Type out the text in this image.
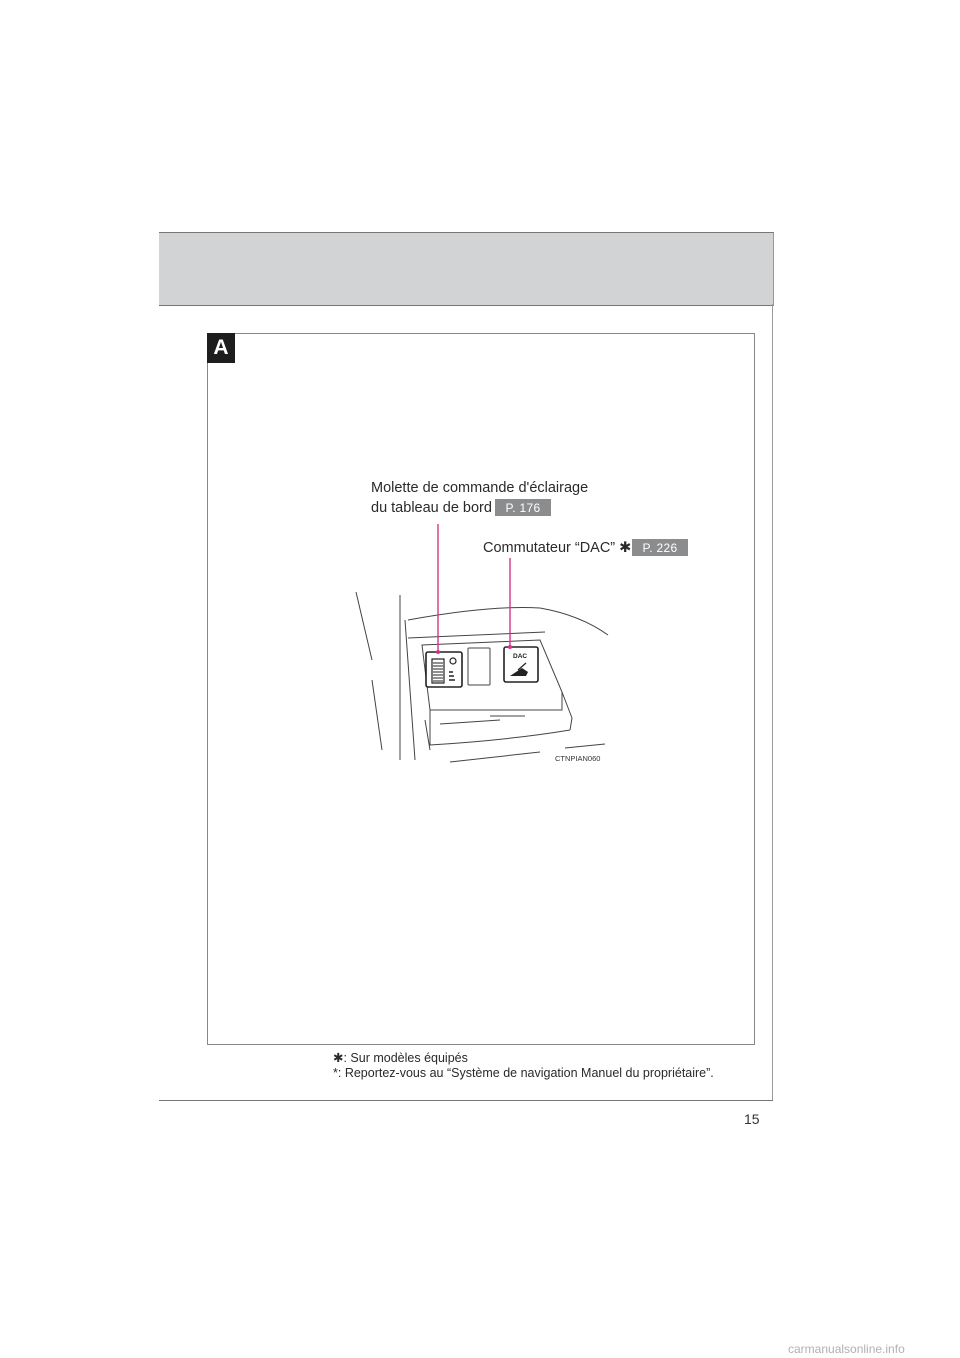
A
Molette de commande d'éclairage
du tableau de bord	P. 176
Commutateur “DAC” ✱ P. 226
DAC
CTNPIAN060
✱: Sur modèles équipés
*: Reportez-vous au “Système de navigation Manuel du propriétaire”.
15
carmanualsonline.info
